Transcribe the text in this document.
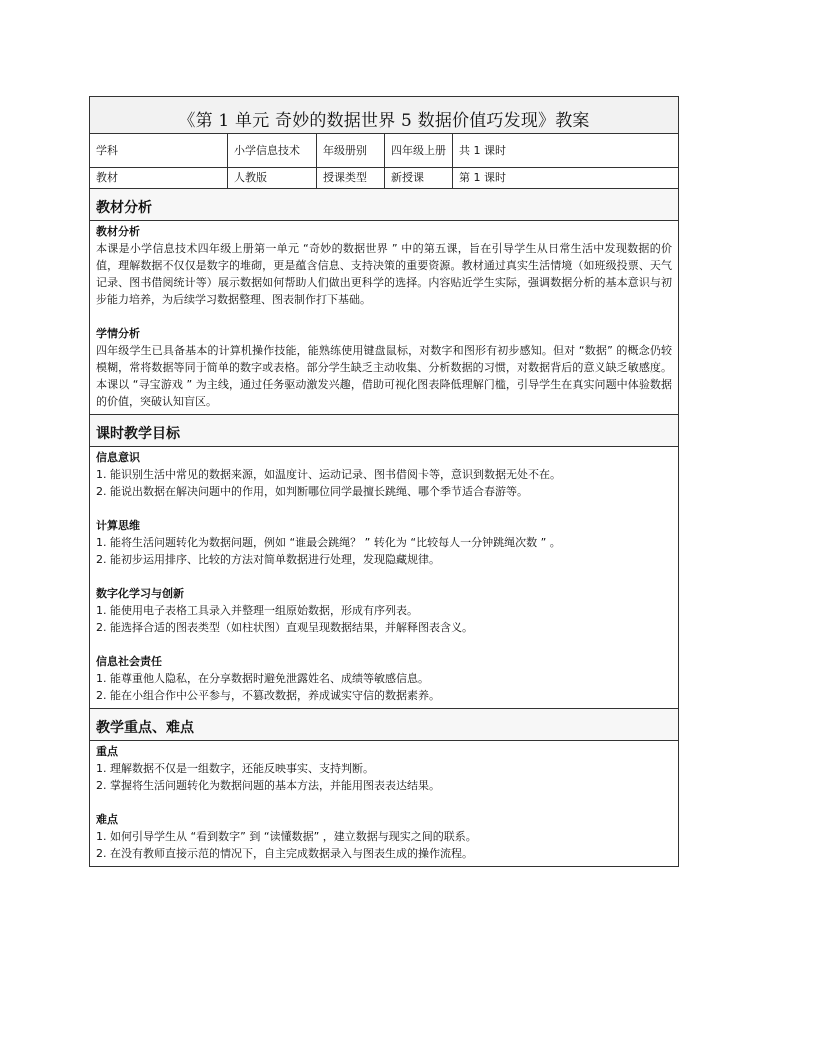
《第 1 单元 奇妙的数据世界 5 数据价值巧发现》教案
学科	小学信息技术	年级册别	四年级上册	共 1 课时
教材	人教版	授课类型	新授课	第 1 课时
教材分析
教材分析
本课是小学信息技术四年级上册第一单元 “奇妙的数据世界 ” 中的第五课，旨在引导学生从日常生活中发现数据的价值，理解数据不仅仅是数字的堆砌，更是蕴含信息、支持决策的重要资源。教材通过真实生活情境（如班级投票、天气记录、图书借阅统计等）展示数据如何帮助人们做出更科学的选择。内容贴近学生实际，强调数据分析的基本意识与初步能力培养，为后续学习数据整理、图表制作打下基础。
学情分析
四年级学生已具备基本的计算机操作技能，能熟练使用键盘鼠标，对数字和图形有初步感知。但对 “数据” 的概念仍较模糊，常将数据等同于简单的数字或表格。部分学生缺乏主动收集、分析数据的习惯，对数据背后的意义缺乏敏感度。本课以 “寻宝游戏 ” 为主线，通过任务驱动激发兴趣，借助可视化图表降低理解门槛，引导学生在真实问题中体验数据的价值，突破认知盲区。
课时教学目标
信息意识
1. 能识别生活中常见的数据来源，如温度计、运动记录、图书借阅卡等，意识到数据无处不在。
2. 能说出数据在解决问题中的作用，如判断哪位同学最擅长跳绳、哪个季节适合春游等。
计算思维
1. 能将生活问题转化为数据问题，例如 “谁最会跳绳？ ” 转化为 “比较每人一分钟跳绳次数 ” 。
2. 能初步运用排序、比较的方法对简单数据进行处理，发现隐藏规律。
数字化学习与创新
1. 能使用电子表格工具录入并整理一组原始数据，形成有序列表。
2. 能选择合适的图表类型（如柱状图）直观呈现数据结果，并解释图表含义。
信息社会责任
1. 能尊重他人隐私，在分享数据时避免泄露姓名、成绩等敏感信息。
2. 能在小组合作中公平参与，不篡改数据，养成诚实守信的数据素养。
教学重点、难点
重点
1. 理解数据不仅是一组数字，还能反映事实、支持判断。
2. 掌握将生活问题转化为数据问题的基本方法，并能用图表表达结果。
难点
1. 如何引导学生从 “看到数字” 到 “读懂数据” ，建立数据与现实之间的联系。
2. 在没有教师直接示范的情况下，自主完成数据录入与图表生成的操作流程。
